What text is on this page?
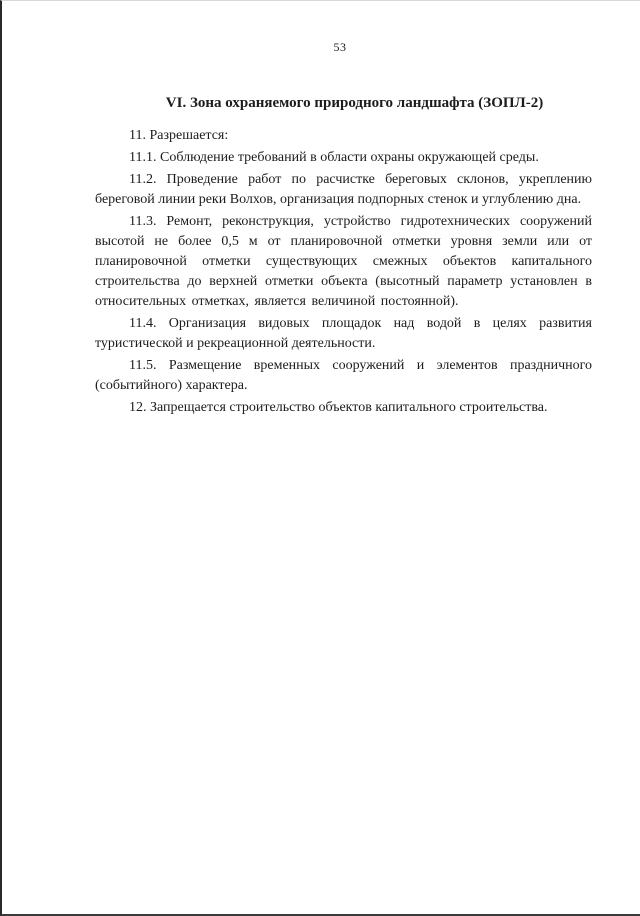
53
VI. Зона охраняемого природного ландшафта (ЗОПЛ-2)

11. Разрешается:

11.1. Соблюдение требований в области охраны окружающей среды.

11.2. Проведение работ по расчистке береговых склонов, укреплению береговой линии реки Волхов, организация подпорных стенок и углублению дна.

11.3. Ремонт, реконструкция, устройство гидротехнических сооружений высотой не более 0,5 м от планировочной отметки уровня земли или от планировочной отметки существующих смежных объектов капитального строительства до верхней отметки объекта (высотный параметр установлен в относительных отметках, является величиной постоянной).

11.4. Организация видовых площадок над водой в целях развития туристической и рекреационной деятельности.

11.5. Размещение временных сооружений и элементов праздничного (событийного) характера.

12. Запрещается строительство объектов капитального строительства.
